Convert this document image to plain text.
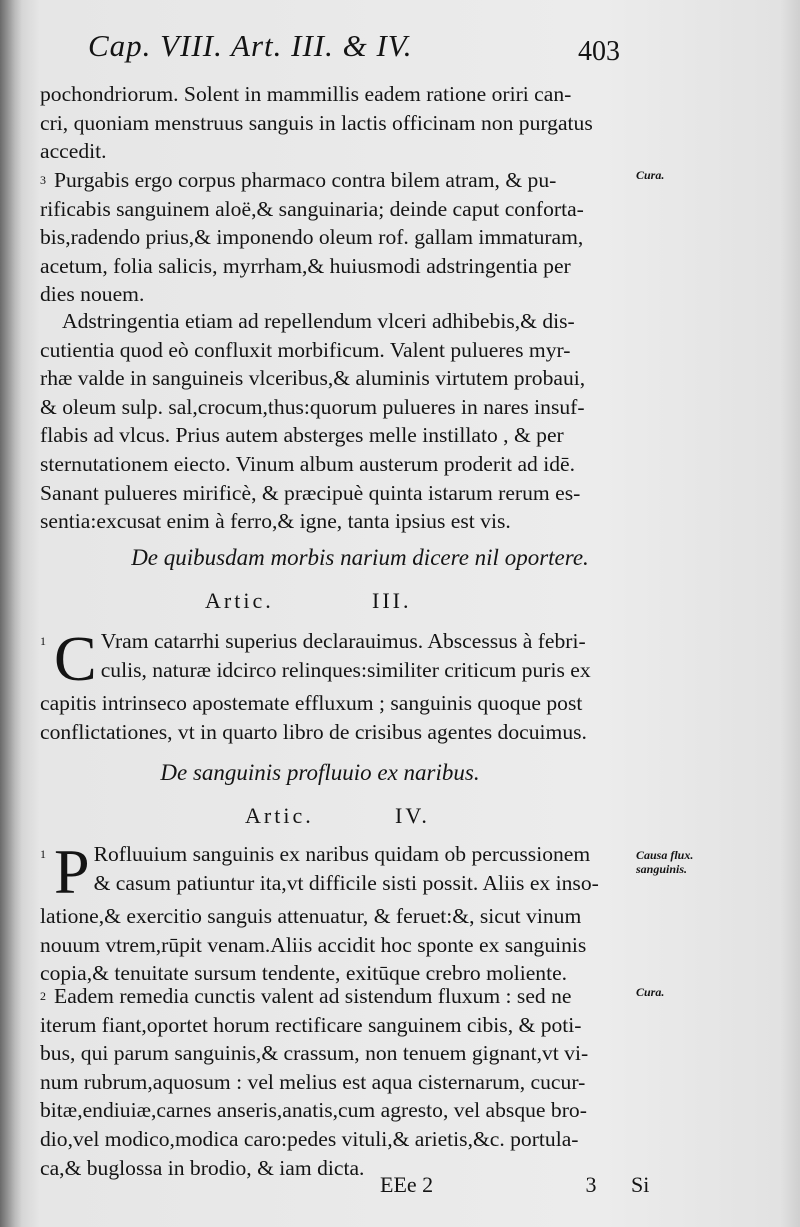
Cap. VIII. Art. III. & IV.	403
pochondriorum. Solent in mammillis eadem ratione oriri can-
cri, quoniam menstruus sanguis in lactis officinam non purgatus
accedit.
3 Purgabis ergo corpus pharmaco contra bilem atram, & pu-
rificabis sanguinem aloë,& sanguinaria; deinde caput conforta-
bis,radendo prius,& imponendo oleum rof. gallam immaturam,
acetum, folia salicis, myrrham,& huiusmodi adstringentia per
dies nouem.
Cura.
Adstringentia etiam ad repellendum vlceri adhibebis,& dis-
cutientia quod eò confluxit morbificum. Valent pulueres myr-
rhæ valde in sanguineis vlceribus,& aluminis virtutem probaui,
& oleum sulp. sal,crocum,thus:quorum pulueres in nares insuf-
flabis ad vlcus. Prius autem absterges melle instillato , & per
sternutationem eiecto. Vinum album austerum proderit ad idē.
Sanant pulueres mirificè, & præcipuè quinta istarum rerum es-
sentia:excusat enim à ferro,& igne, tanta ipsius est vis.
De quibusdam morbis narium dicere nil oportere.
Artic.	III.
1 C Vram catarrhi superius declarauimus. Abscessus à febri-
culis, naturæ idcirco relinques:similiter criticum puris ex
capitis intrinseco apostemate effluxum ; sanguinis quoque post
conflictationes, vt in quarto libro de crisibus agentes docuimus.
De sanguinis profluuio ex naribus.
Artic.	IV.
1 P Rofluuium sanguinis ex naribus quidam ob percussionem
& casum patiuntur ita,vt difficile sisti possit. Aliis ex inso-
latione,& exercitio sanguis attenuatur, & feruet:&, sicut vinum
nouum vtrem,rūpit venam.Aliis accidit hoc sponte ex sanguinis
copia,& tenuitate sursum tendente, exitūque crebro moliente.
Causa flux. sanguinis.
2 Eadem remedia cunctis valent ad sistendum fluxum : sed ne
iterum fiant,oportet horum rectificare sanguinem cibis, & poti-
bus, qui parum sanguinis,& crassum, non tenuem gignant,vt vi-
num rubrum,aquosum : vel melius est aqua cisternarum, cucur-
bitæ,endiuiæ,carnes anseris,anatis,cum agresto, vel absque bro-
dio,vel modico,modica caro:pedes vituli,& arietis,&c. portula-
ca,& buglossa in brodio, & iam dicta.
Cura.
EEe 2	3 Si
